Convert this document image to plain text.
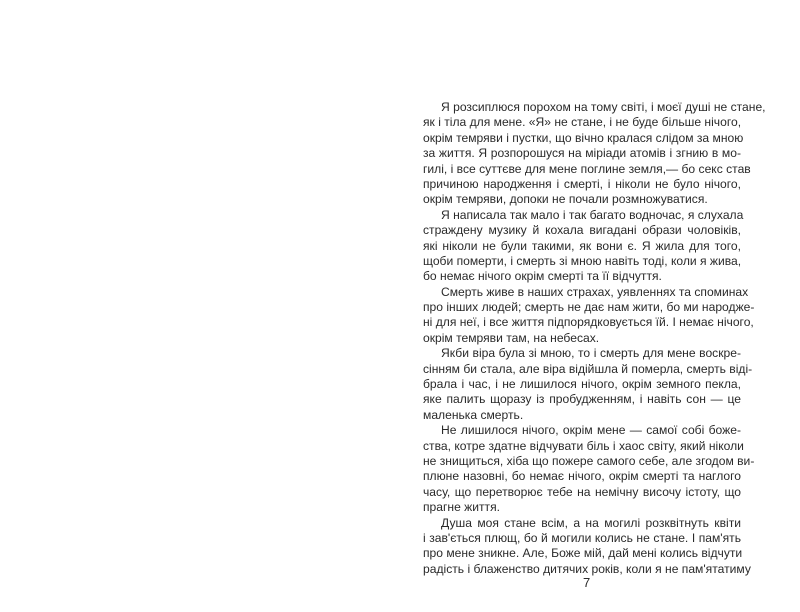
Я розсиплюся порохом на тому світі, і моєї душі не стане,
як і тіла для мене. «Я» не стане, і не буде більше нічого,
окрім темряви і пустки, що вічно кралася слідом за мною
за життя. Я розпорошуся на міріади атомів і згнию в мо-
гилі, і все суттєве для мене поглине земля,— бо секс став
причиною народження і смерті, і ніколи не було нічого,
окрім темряви, допоки не почали розмножуватися.
Я написала так мало і так багато водночас, я слухала
страждену музику й кохала вигадані образи чоловіків,
які ніколи не були такими, як вони є. Я жила для того,
щоби померти, і смерть зі мною навіть тоді, коли я жива,
бо немає нічого окрім смерті та її відчуття.
Смерть живе в наших страхах, уявленнях та споминах
про інших людей; смерть не дає нам жити, бо ми народже-
ні для неї, і все життя підпорядковується їй. І немає нічого,
окрім темряви там, на небесах.
Якби віра була зі мною, то і смерть для мене воскре-
сінням би стала, але віра відійшла й померла, смерть віді-
брала і час, і не лишилося нічого, окрім земного пекла,
яке палить щоразу із пробудженням, і навіть сон — це
маленька смерть.
Не лишилося нічого, окрім мене — самої собі боже-
ства, котре здатне відчувати біль і хаос світу, який ніколи
не знищиться, хіба що пожере самого себе, але згодом ви-
плюне назовні, бо немає нічого, окрім смерті та наглого
часу, що перетворює тебе на немічну височу істоту, що
прагне життя.
Душа моя стане всім, а на могилі розквітнуть квіти
і зав'ється плющ, бо й могили колись не стане. І пам'ять
про мене зникне. Але, Боже мій, дай мені колись відчути
радість і блаженство дитячих років, коли я не пам'ятатиму
7
